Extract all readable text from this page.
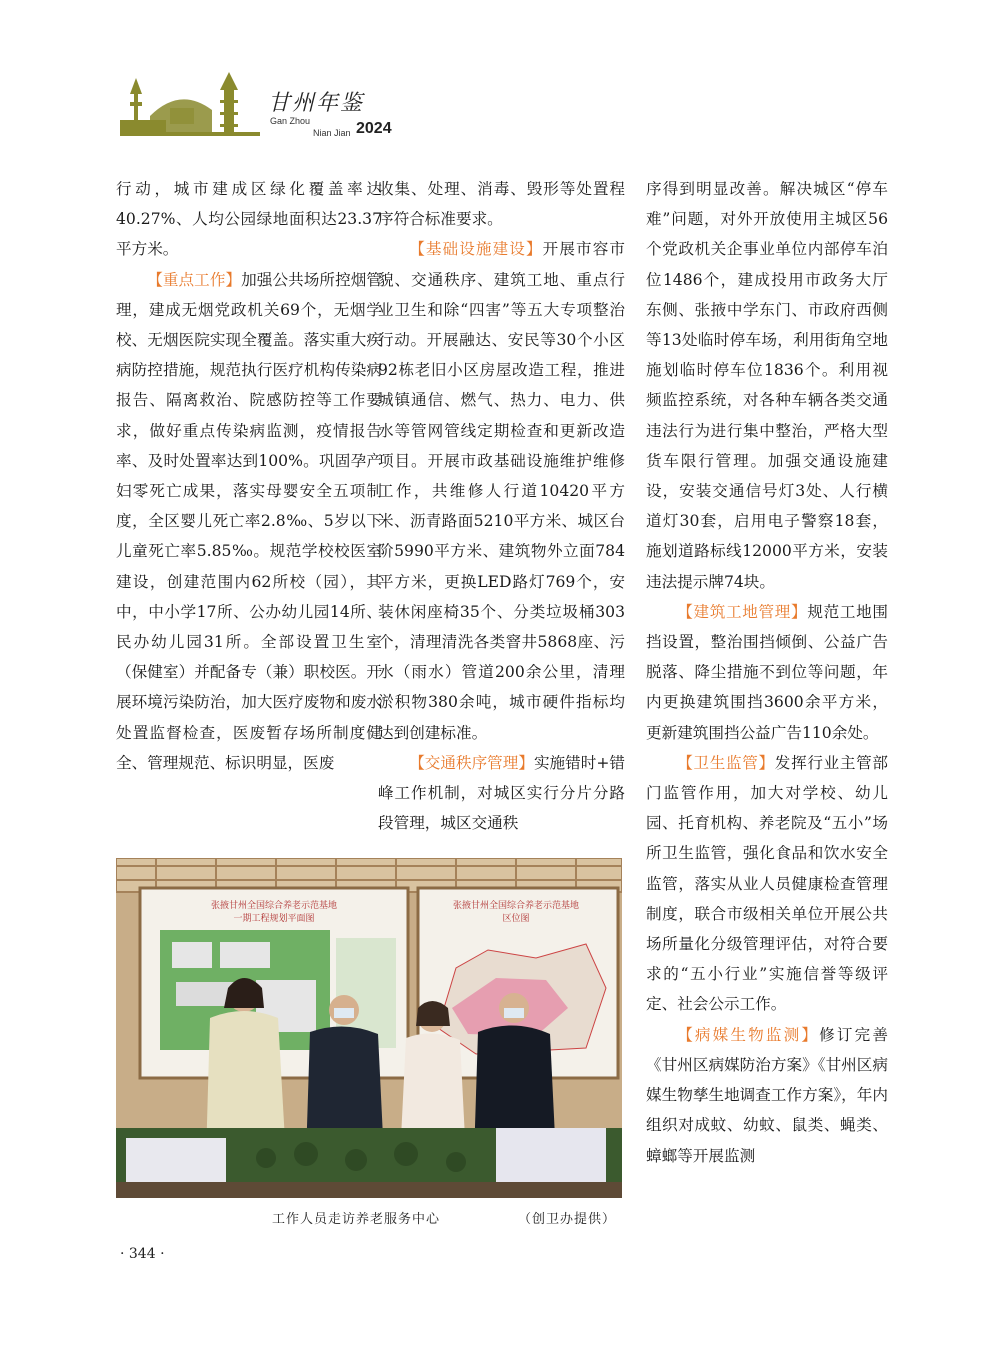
甘州年鉴
Gan Zhou
Nian Jian 2024

行动，城市建成区绿化覆盖率达40.27%、人均公园绿地面积达23.37平方米。

【重点工作】加强公共场所控烟管理，建成无烟党政机关69个，无烟学校、无烟医院实现全覆盖。落实重大疾病防控措施，规范执行医疗机构传染病报告、隔离救治、院感防控等工作要求，做好重点传染病监测，疫情报告率、及时处置率达到100%。巩固孕产妇零死亡成果，落实母婴安全五项制度，全区婴儿死亡率2.8‰、5岁以下儿童死亡率5.85‰。规范学校校医室建设，创建范围内62所校（园），其中，中小学17所、公办幼儿园14所、民办幼儿园31所。全部设置卫生室（保健室）并配备专（兼）职校医。开展环境污染防治，加大医疗废物和废水处置监督检查，医废暂存场所制度健全、管理规范、标识明显，医废

收集、处理、消毒、毁形等处置程序符合标准要求。

【基础设施建设】开展市容市貌、交通秩序、建筑工地、重点行业卫生和除“四害”等五大专项整治行动。开展融达、安民等30个小区92栋老旧小区房屋改造工程，推进城镇通信、燃气、热力、电力、供水等管网管线定期检查和更新改造项目。开展市政基础设施维护维修工作，共维修人行道10420平方米、沥青路面5210平方米、城区台阶5990平方米、建筑物外立面784平方米，更换LED路灯769个，安装休闲座椅35个、分类垃圾桶303个，清理清洗各类窨井5868座、污水（雨水）管道200余公里，清理淤积物380余吨，城市硬件指标均达到创建标准。

【交通秩序管理】实施错时+错峰工作机制，对城区实行分片分路段管理，城区交通秩

序得到明显改善。解决城区“停车难”问题，对外开放使用主城区56个党政机关企事业单位内部停车泊位1486个，建成投用市政务大厅东侧、张掖中学东门、市政府西侧等13处临时停车场，利用街角空地施划临时停车位1836个。利用视频监控系统，对各种车辆各类交通违法行为进行集中整治，严格大型货车限行管理。加强交通设施建设，安装交通信号灯3处、人行横道灯30套，启用电子警察18套，施划道路标线12000平方米，安装违法提示牌74块。

【建筑工地管理】规范工地围挡设置，整治围挡倾倒、公益广告脱落、降尘措施不到位等问题，年内更换建筑围挡3600余平方米，更新建筑围挡公益广告110余处。

【卫生监管】发挥行业主管部门监管作用，加大对学校、幼儿园、托育机构、养老院及“五小”场所卫生监管，强化食品和饮水安全监管，落实从业人员健康检查管理制度，联合市级相关单位开展公共场所量化分级管理评估，对符合要求的“五小行业”实施信誉等级评定、社会公示工作。

【病媒生物监测】修订完善《甘州区病媒防治方案》《甘州区病媒生物孳生地调查工作方案》，年内组织对成蚊、幼蚊、鼠类、蝇类、蟑螂等开展监测

张掖甘州全国综合养老示范基地
一期工程规划平面图
张掖甘州全国综合养老示范基地
区位图
工作人员走访养老服务中心	（创卫办提供）
· 344 ·
